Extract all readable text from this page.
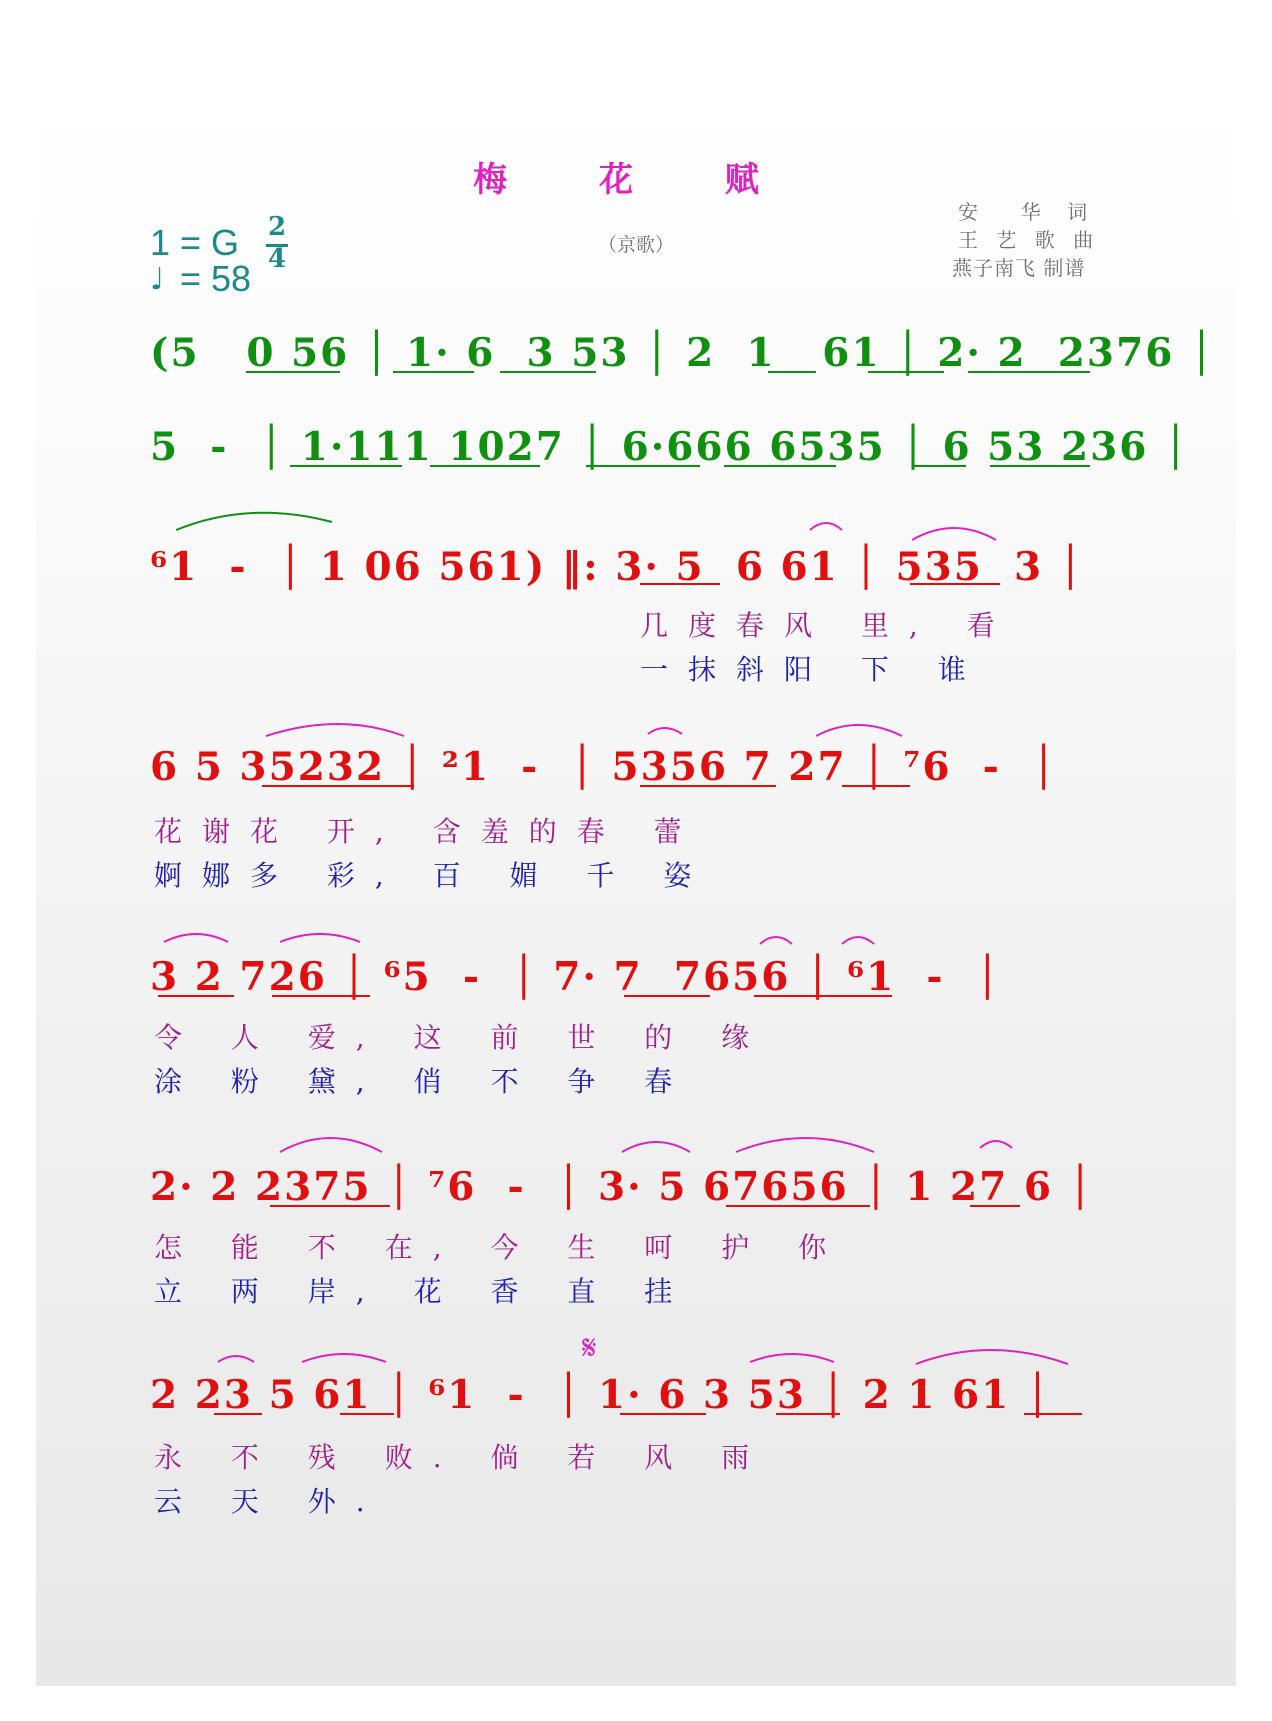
梅 花 赋
（京歌）
安  华 词
王 艺 歌 曲
燕子南飞 制谱
1 = G
♩ = 58
2
4
𝄋
(5   0 56 │ 1· 6  3 53 │ 2  1   61 │ 2· 2  2376 │
5  -  │ 1·111 1027 │ 6·666 6535 │ 6 53 236 │
⁶1  -  │ 1 06 561) ‖: 3· 5  6 61 │ 535  3 │
几度春风 里, 看
一抹斜阳 下 谁
6 5 35232 │ ²1  -  │ 5356 7 27 │ ⁷6  -  │
花谢花 开, 含羞的春 蕾
婀娜多 彩, 百 媚 千 姿
3 2 726 │ ⁶5  -  │ 7· 7  7656 │ ⁶1  -  │
令 人 爱, 这 前 世 的 缘
涂 粉 黛, 俏 不 争 春
2· 2 2375 │ ⁷6  -  │ 3· 5 67656 │ 1 27 6 │
怎 能 不 在, 今 生 呵 护 你
立 两 岸, 花 香 直 挂
2 23 5 61 │ ⁶1  -  │ 1· 6 3 53 │ 2 1 61 │
永 不 残 败. 倘 若 风 雨
云 天 外.
